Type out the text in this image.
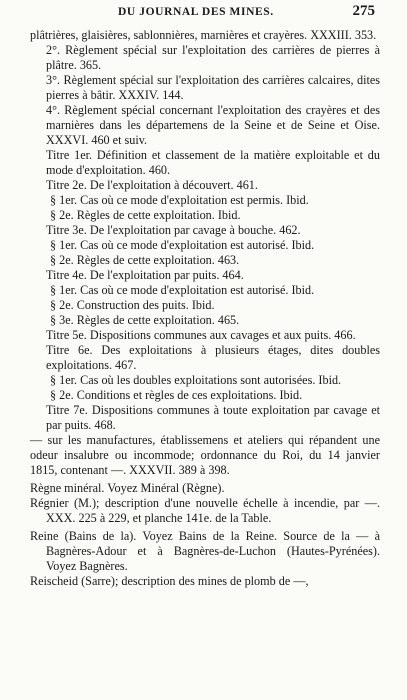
DU JOURNAL DES MINES.	275

plâtrières, glaisières, sablonnières, marnières et crayères. XXXIII. 353.

2°. Règlement spécial sur l'exploitation des carrières de pierres à plâtre. 365.

3°. Règlement spécial sur l'exploitation des carrières calcaires, dites pierres à bâtir. XXXIV. 144.

4°. Règlement spécial concernant l'exploitation des crayères et des marnières dans les départemens de la Seine et de Seine et Oise. XXXVI. 460 et suiv.

Titre 1er. Définition et classement de la matière exploitable et du mode d'exploitation. 460.

Titre 2e. De l'exploitation à découvert. 461.

§ 1er. Cas où ce mode d'exploitation est permis. Ibid.

§ 2e. Règles de cette exploitation. Ibid.

Titre 3e. De l'exploitation par cavage à bouche. 462.

§ 1er. Cas où ce mode d'exploitation est autorisé. Ibid.

§ 2e. Règles de cette exploitation. 463.

Titre 4e. De l'exploitation par puits. 464.

§ 1er. Cas où ce mode d'exploitation est autorisé. Ibid.

§ 2e. Construction des puits. Ibid.

§ 3e. Règles de cette exploitation. 465.

Titre 5e. Dispositions communes aux cavages et aux puits. 466.

Titre 6e. Des exploitations à plusieurs étages, dites doubles exploitations. 467.

§ 1er. Cas où les doubles exploitations sont autorisées. Ibid.

§ 2e. Conditions et règles de ces exploitations. Ibid.

Titre 7e. Dispositions communes à toute exploitation par cavage et par puits. 468.

— sur les manufactures, établissemens et ateliers qui répandent une odeur insalubre ou incommode; ordonnance du Roi, du 14 janvier 1815, contenant —. XXXVII. 389 à 398.

Règne minéral. Voyez Minéral (Règne).

Régnier (M.); description d'une nouvelle échelle à incendie, par —. XXX. 225 à 229, et planche 141e. de la Table.

Reine (Bains de la). Voyez Bains de la Reine. Source de la — à Bagnères-Adour et à Bagnères-de-Luchon (Hautes-Pyrénées). Voyez Bagnères.

Reischeid (Sarre); description des mines de plomb de —,
